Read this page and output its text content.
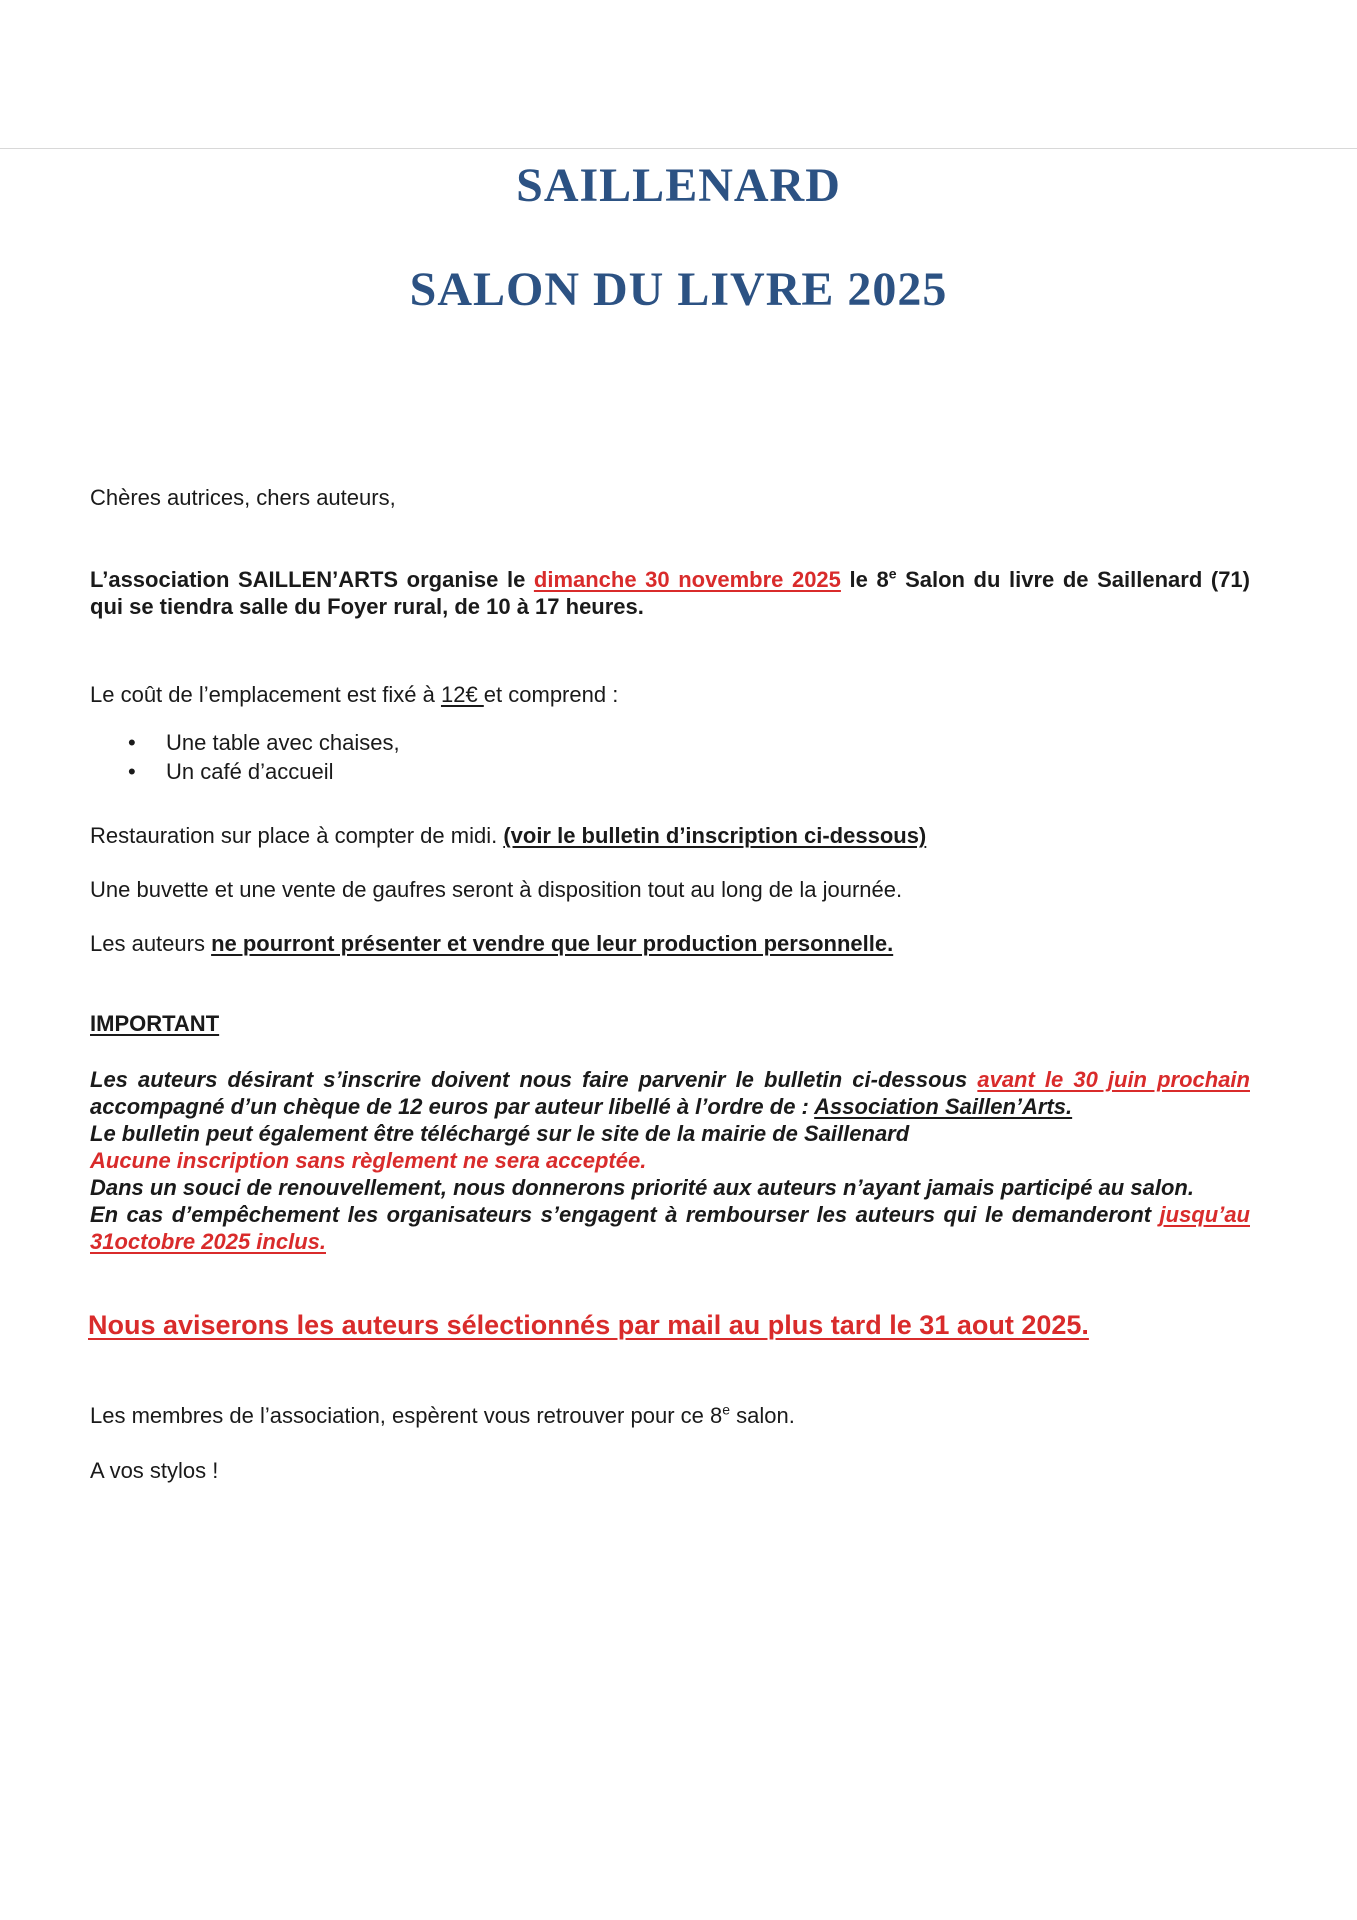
SAILLENARD
SALON DU LIVRE 2025

Chères autrices, chers auteurs,

L’association SAILLEN’ARTS organise le dimanche 30 novembre 2025 le 8e Salon du livre de Saillenard (71) qui se tiendra salle du Foyer rural, de 10 à 17 heures.

Le coût de l’emplacement est fixé à 12€ et comprend :

• Une table avec chaises,
• Un café d’accueil

Restauration sur place à compter de midi. (voir le bulletin d’inscription ci-dessous)

Une buvette et une vente de gaufres seront à disposition tout au long de la journée.

Les auteurs ne pourront présenter et vendre que leur production personnelle.

IMPORTANT

Les auteurs désirant s’inscrire doivent nous faire parvenir le bulletin ci-dessous avant le 30 juin prochain accompagné d’un chèque de 12 euros par auteur libellé à l’ordre de : Association Saillen’Arts.

Le bulletin peut également être téléchargé sur le site de la mairie de Saillenard

Aucune inscription sans règlement ne sera acceptée.

Dans un souci de renouvellement, nous donnerons priorité aux auteurs n’ayant jamais participé au salon.

En cas d’empêchement les organisateurs s’engagent à rembourser les auteurs qui le demanderont jusqu’au 31octobre 2025 inclus.

Nous aviserons les auteurs sélectionnés par mail au plus tard le 31 aout 2025.

Les membres de l’association, espèrent vous retrouver pour ce 8e salon.

A vos stylos !
